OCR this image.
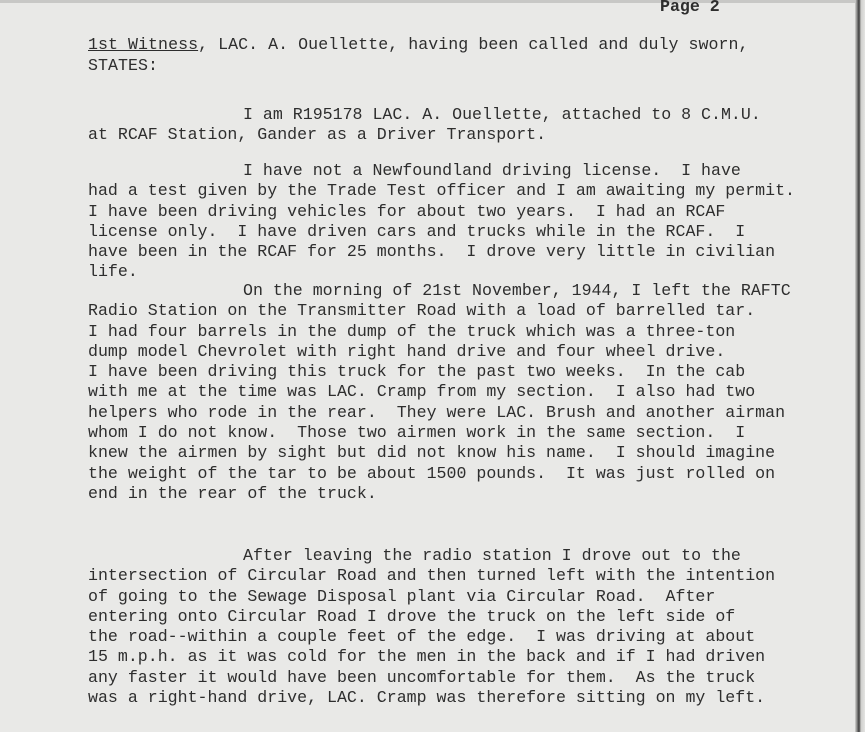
Page 2
1st Witness, LAC. A. Ouellette, having been called and duly sworn,
STATES:
I am R195178 LAC. A. Ouellette, attached to 8 C.M.U.
at RCAF Station, Gander as a Driver Transport.
I have not a Newfoundland driving license.  I have
had a test given by the Trade Test officer and I am awaiting my permit.
I have been driving vehicles for about two years.  I had an RCAF
license only.  I have driven cars and trucks while in the RCAF.  I
have been in the RCAF for 25 months.  I drove very little in civilian
life.
On the morning of 21st November, 1944, I left the RAFTC
Radio Station on the Transmitter Road with a load of barrelled tar.
I had four barrels in the dump of the truck which was a three-ton
dump model Chevrolet with right hand drive and four wheel drive.
I have been driving this truck for the past two weeks.  In the cab
with me at the time was LAC. Cramp from my section.  I also had two
helpers who rode in the rear.  They were LAC. Brush and another airman
whom I do not know.  Those two airmen work in the same section.  I
knew the airmen by sight but did not know his name.  I should imagine
the weight of the tar to be about 1500 pounds.  It was just rolled on
end in the rear of the truck.
After leaving the radio station I drove out to the
intersection of Circular Road and then turned left with the intention
of going to the Sewage Disposal plant via Circular Road.  After
entering onto Circular Road I drove the truck on the left side of
the road--within a couple feet of the edge.  I was driving at about
15 m.p.h. as it was cold for the men in the back and if I had driven
any faster it would have been uncomfortable for them.  As the truck
was a right-hand drive, LAC. Cramp was therefore sitting on my left.
